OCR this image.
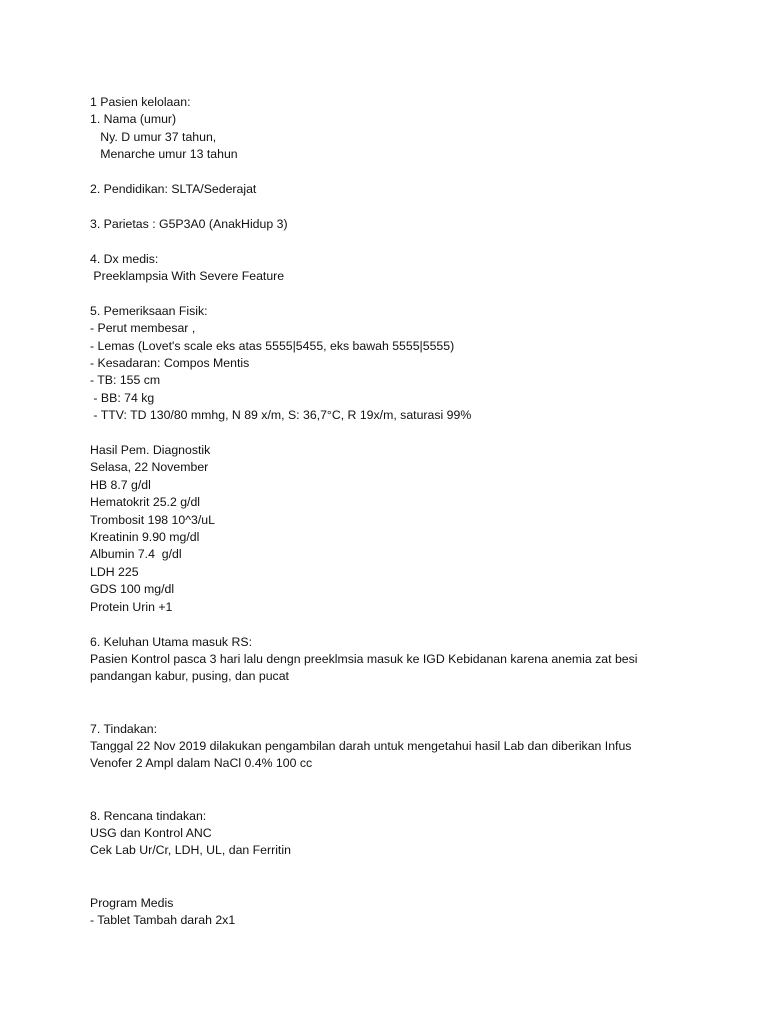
1 Pasien kelolaan:
1. Nama (umur)
Ny. D umur 37 tahun,
Menarche umur 13 tahun
2. Pendidikan: SLTA/Sederajat
3. Parietas : G5P3A0 (AnakHidup 3)
4. Dx medis:
Preeklampsia With Severe Feature
5. Pemeriksaan Fisik:
- Perut membesar ,
- Lemas (Lovet's scale eks atas 5555|5455, eks bawah 5555|5555)
- Kesadaran: Compos Mentis
- TB: 155 cm
- BB: 74 kg
- TTV: TD 130/80 mmhg, N 89 x/m, S: 36,7°C, R 19x/m, saturasi 99%
Hasil Pem. Diagnostik
Selasa, 22 November
HB 8.7 g/dl
Hematokrit 25.2 g/dl
Trombosit 198 10^3/uL
Kreatinin 9.90 mg/dl
Albumin 7.4  g/dl
LDH 225
GDS 100 mg/dl
Protein Urin +1
6. Keluhan Utama masuk RS:
Pasien Kontrol pasca 3 hari lalu dengn preeklmsia masuk ke IGD Kebidanan karena anemia zat besi
pandangan kabur, pusing, dan pucat
7. Tindakan:
Tanggal 22 Nov 2019 dilakukan pengambilan darah untuk mengetahui hasil Lab dan diberikan Infus
Venofer 2 Ampl dalam NaCl 0.4% 100 cc
8. Rencana tindakan:
USG dan Kontrol ANC
Cek Lab Ur/Cr, LDH, UL, dan Ferritin
Program Medis
- Tablet Tambah darah 2x1
